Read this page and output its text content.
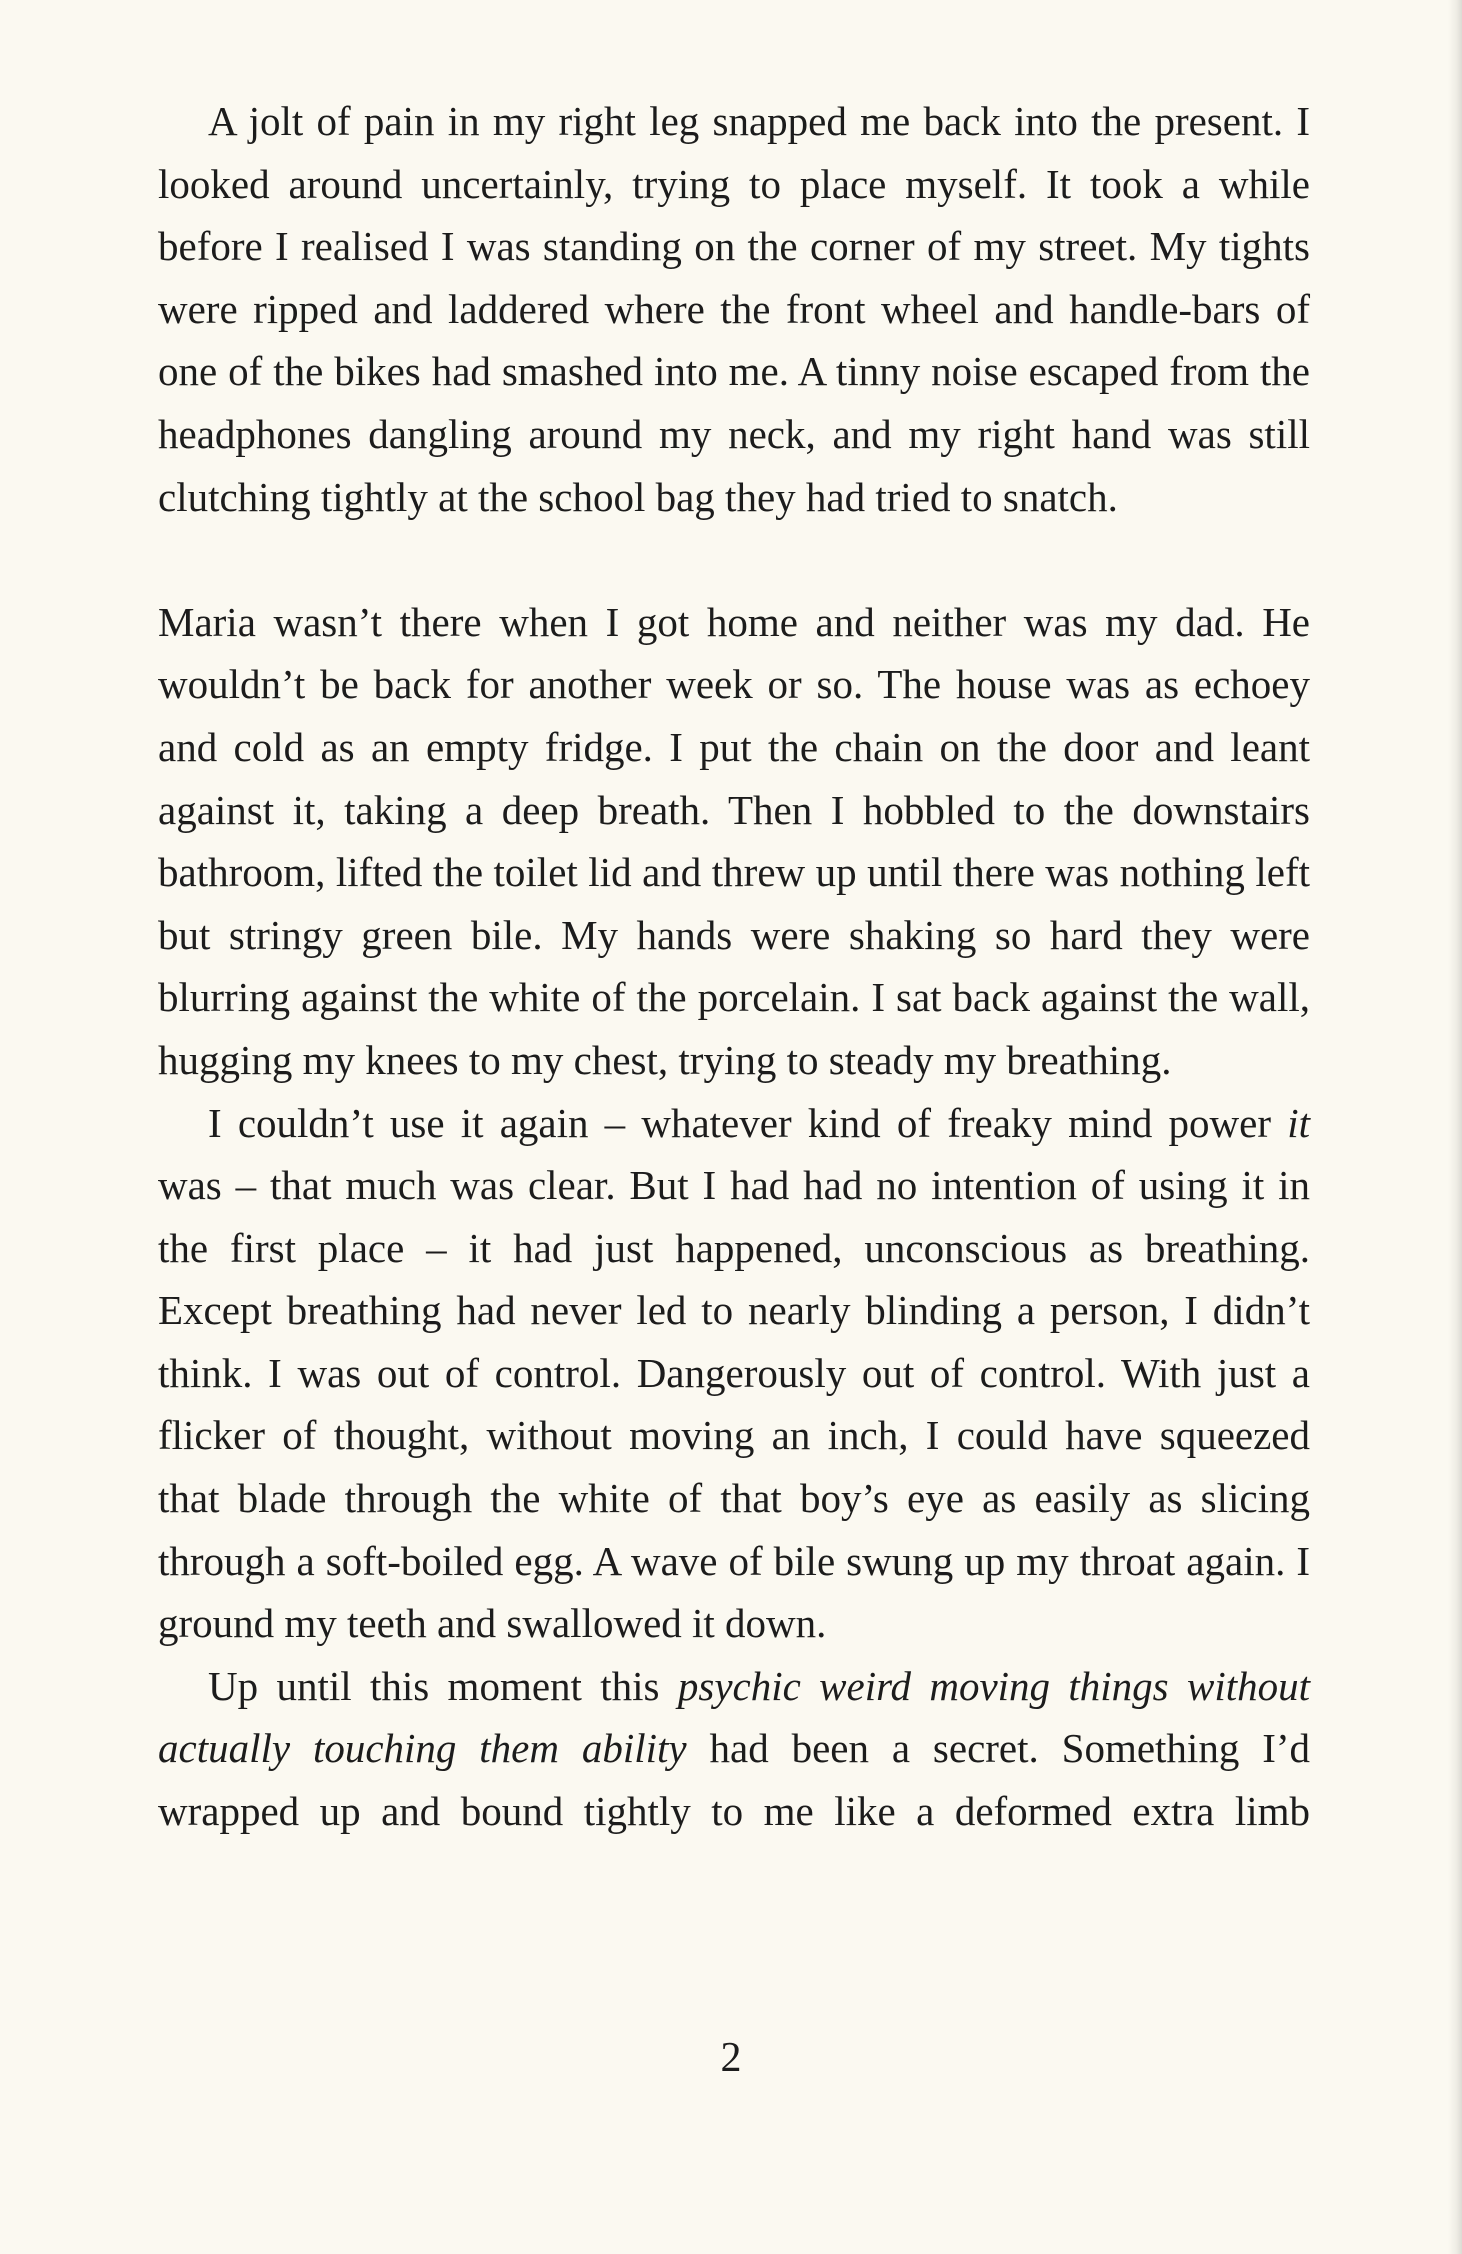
A jolt of pain in my right leg snapped me back into the present. I looked around uncertainly, trying to place myself. It took a while before I realised I was standing on the corner of my street. My tights were ripped and laddered where the front wheel and handle-bars of one of the bikes had smashed into me. A tinny noise escaped from the headphones dangling around my neck, and my right hand was still clutching tightly at the school bag they had tried to snatch.

Maria wasn’t there when I got home and neither was my dad. He wouldn’t be back for another week or so. The house was as echoey and cold as an empty fridge. I put the chain on the door and leant against it, taking a deep breath. Then I hobbled to the downstairs bathroom, lifted the toilet lid and threw up until there was nothing left but stringy green bile. My hands were shaking so hard they were blurring against the white of the porcelain. I sat back against the wall, hugging my knees to my chest, trying to steady my breathing.

I couldn’t use it again – whatever kind of freaky mind power it was – that much was clear. But I had had no intention of using it in the first place – it had just happened, unconscious as breathing. Except breathing had never led to nearly blinding a person, I didn’t think. I was out of control. Dangerously out of control. With just a flicker of thought, without moving an inch, I could have squeezed that blade through the white of that boy’s eye as easily as slicing through a soft-boiled egg. A wave of bile swung up my throat again. I ground my teeth and swallowed it down.

Up until this moment this psychic weird moving things without actually touching them ability had been a secret. Something I’d wrapped up and bound tightly to me like a deformed extra limb

2
